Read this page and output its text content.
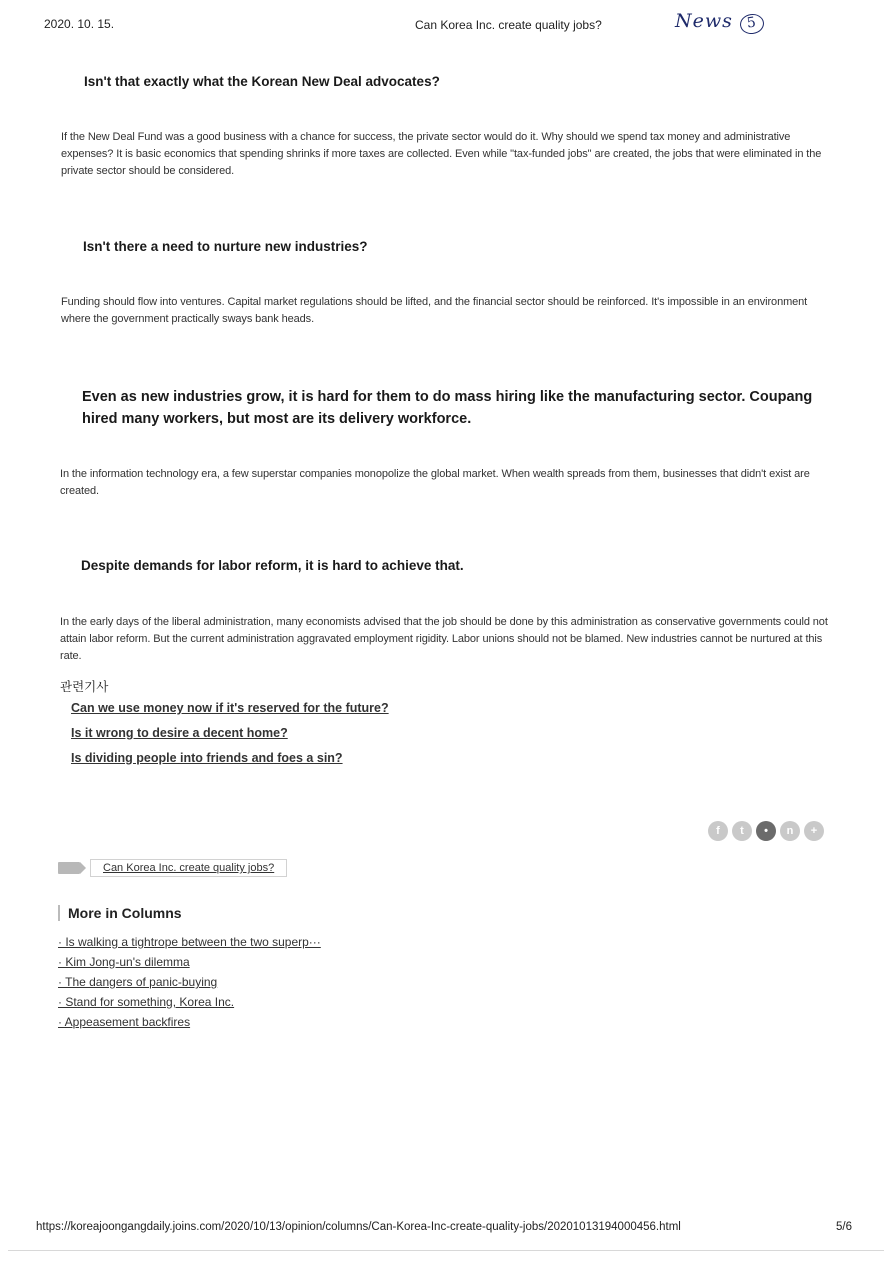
2020. 10. 15.	Can Korea Inc. create quality jobs?	News 5
Isn't that exactly what the Korean New Deal advocates?
If the New Deal Fund was a good business with a chance for success, the private sector would do it. Why should we spend tax money and administrative expenses? It is basic economics that spending shrinks if more taxes are collected. Even while "tax-funded jobs" are created, the jobs that were eliminated in the private sector should be considered.
Isn't there a need to nurture new industries?
Funding should flow into ventures. Capital market regulations should be lifted, and the financial sector should be reinforced. It's impossible in an environment where the government practically sways bank heads.
Even as new industries grow, it is hard for them to do mass hiring like the manufacturing sector. Coupang hired many workers, but most are its delivery workforce.
In the information technology era, a few superstar companies monopolize the global market. When wealth spreads from them, businesses that didn't exist are created.
Despite demands for labor reform, it is hard to achieve that.
In the early days of the liberal administration, many economists advised that the job should be done by this administration as conservative governments could not attain labor reform. But the current administration aggravated employment rigidity. Labor unions should not be blamed. New industries cannot be nurtured at this rate.
관련기사
Can we use money now if it's reserved for the future?
Is it wrong to desire a decent home?
Is dividing people into friends and foes a sin?
f	t	•	n	+
Can Korea Inc. create quality jobs?
More in Columns
· Is walking a tightrope between the two superp···
· Kim Jong-un's dilemma
· The dangers of panic-buying
· Stand for something, Korea Inc.
· Appeasement backfires
https://koreajoongangdaily.joins.com/2020/10/13/opinion/columns/Can-Korea-Inc-create-quality-jobs/20201013194000456.html	5/6
